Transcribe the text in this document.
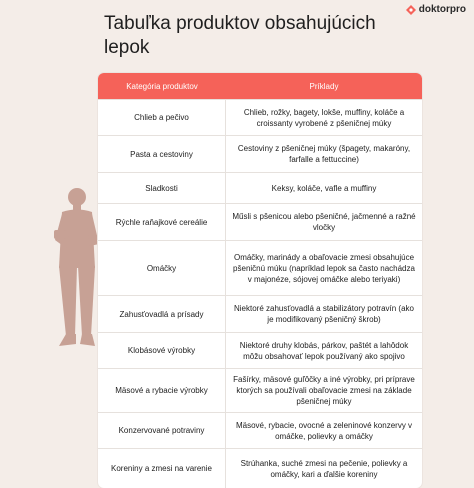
Tabuľka produktov obsahujúcich lepok
doktorpro
Kategória produktov	Príklady
Chlieb a pečivo	Chlieb, rožky, bagety, lokše, muffiny, koláče a croissanty vyrobené z pšeničnej múky
Pasta a cestoviny	Cestoviny z pšeničnej múky (špagety, makaróny, farfalle a fettuccine)
Sladkosti	Keksy, koláče, vafle a muffiny
Rýchle raňajkové cereálie	Műsli s pšenicou alebo pšeničné, jačmenné a ražné vločky
Omáčky	Omáčky, marinády a obaľovacie zmesi obsahujúce pšeničnú múku (napríklad lepok sa často nachádza v majonéze, sójovej omáčke alebo teriyaki)
Zahusťovadlá a prísady	Niektoré zahusťovadlá a stabilizátory potravín (ako je modifikovaný pšeničný škrob)
Klobásové výrobky	Niektoré druhy klobás, párkov, paštét a lahôdok môžu obsahovať lepok používaný ako spojivo
Mäsové a rybacie výrobky	Fašírky, mäsové guľôčky a iné výrobky, pri príprave ktorých sa používali obaľovacie zmesi na základe pšeničnej múky
Konzervované potraviny	Mäsové, rybacie, ovocné a zeleninové konzervy v omáčke, polievky a omáčky
Koreniny a zmesi na varenie	Strúhanka, suché zmesi na pečenie, polievky a omáčky, kari a ďalšie koreniny
